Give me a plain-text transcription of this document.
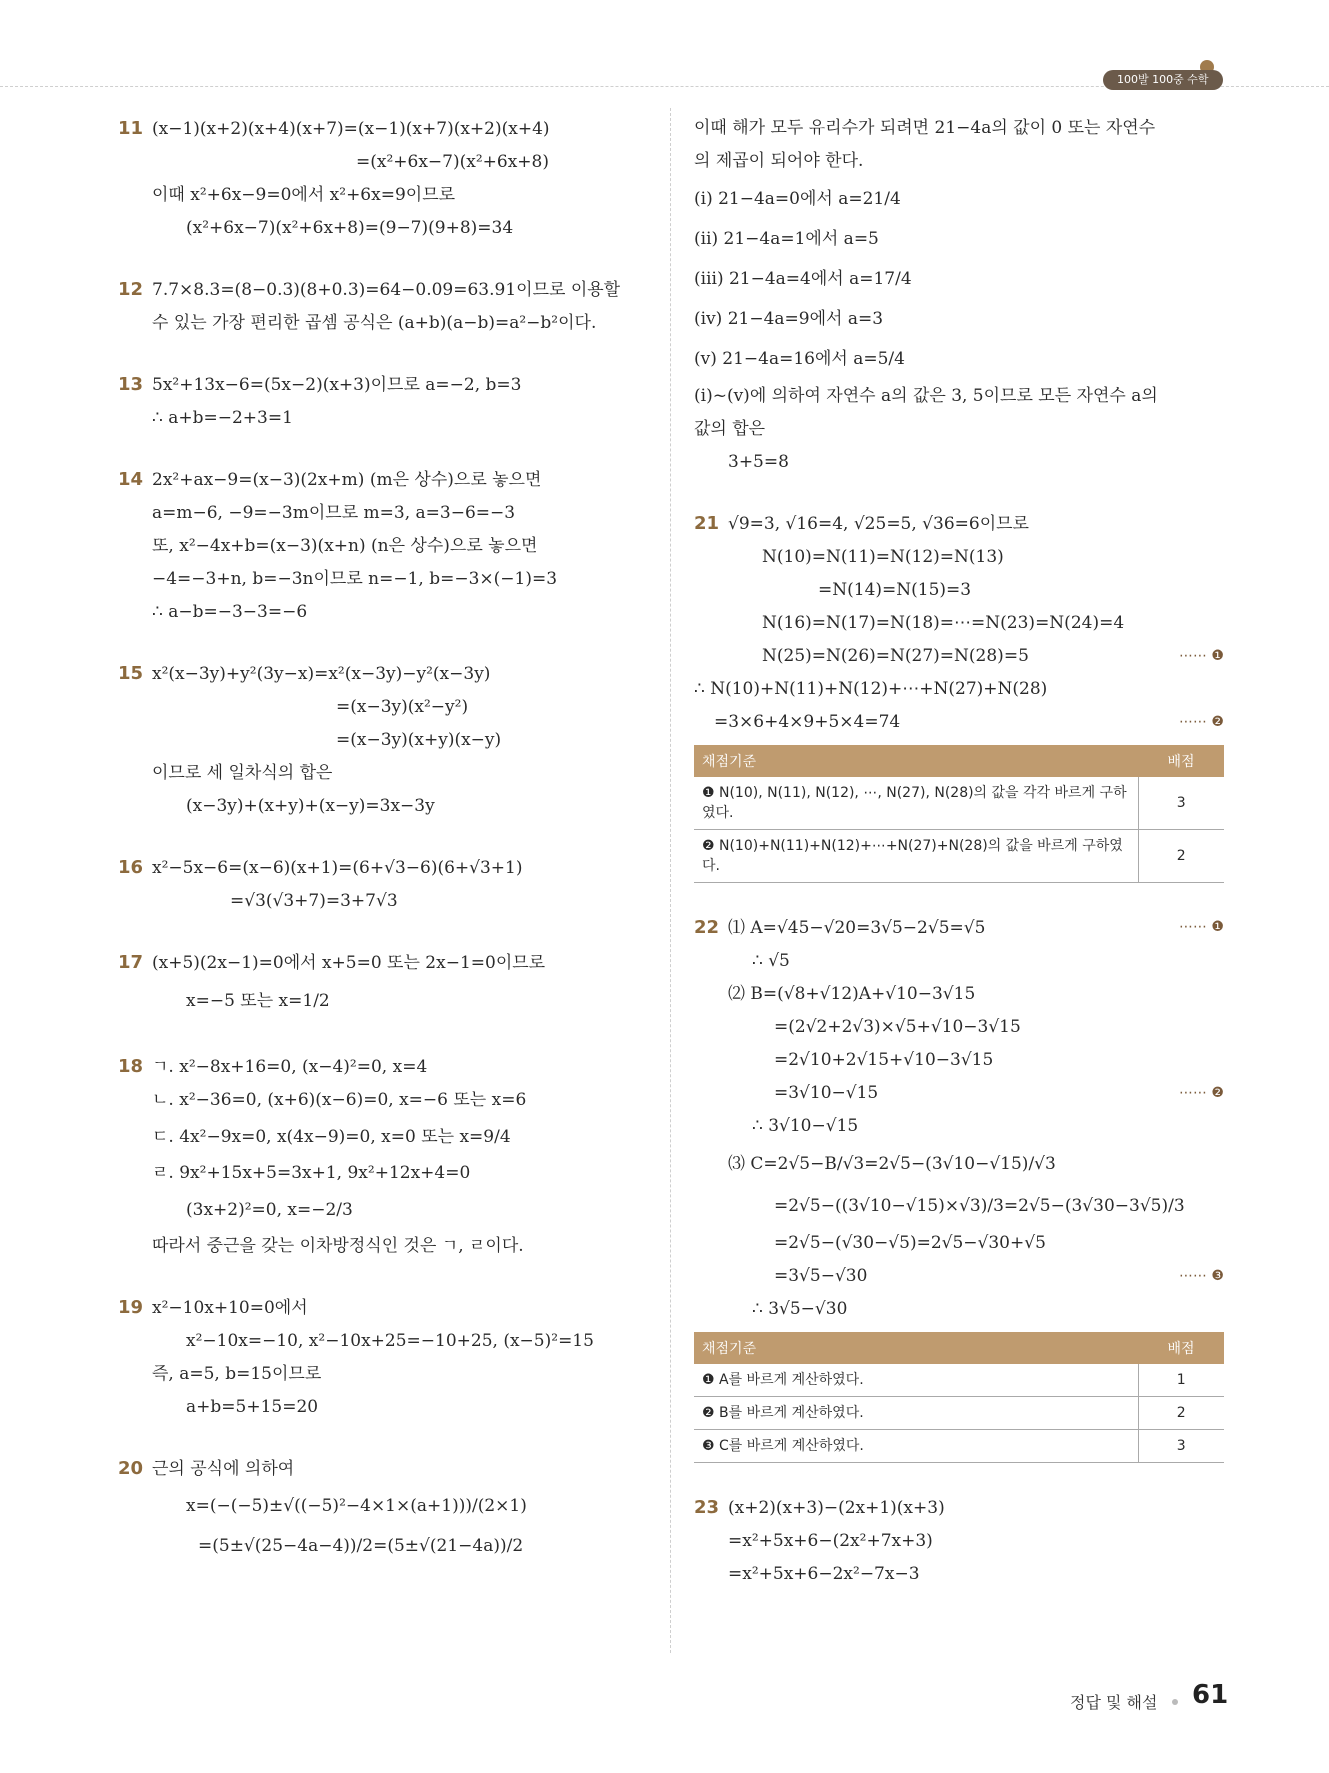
100발 100중 수학
11 (x−1)(x+2)(x+4)(x+7)=(x−1)(x+7)(x+2)(x+4)
=(x²+6x−7)(x²+6x+8)
이때 x²+6x−9=0에서 x²+6x=9이므로
(x²+6x−7)(x²+6x+8)=(9−7)(9+8)=34
12 7.7×8.3=(8−0.3)(8+0.3)=64−0.09=63.91이므로 이용할
수 있는 가장 편리한 곱셈 공식은 (a+b)(a−b)=a²−b²이다.
13 5x²+13x−6=(5x−2)(x+3)이므로 a=−2, b=3
∴ a+b=−2+3=1
14 2x²+ax−9=(x−3)(2x+m) (m은 상수)으로 놓으면
a=m−6, −9=−3m이므로 m=3, a=3−6=−3
또, x²−4x+b=(x−3)(x+n) (n은 상수)으로 놓으면
−4=−3+n, b=−3n이므로 n=−1, b=−3×(−1)=3
∴ a−b=−3−3=−6
15 x²(x−3y)+y²(3y−x)=x²(x−3y)−y²(x−3y)
=(x−3y)(x²−y²)
=(x−3y)(x+y)(x−y)
이므로 세 일차식의 합은
(x−3y)+(x+y)+(x−y)=3x−3y
16 x²−5x−6=(x−6)(x+1)=(6+√3−6)(6+√3+1)
=√3(√3+7)=3+7√3
17 (x+5)(2x−1)=0에서 x+5=0 또는 2x−1=0이므로
x=−5 또는 x=1/2
18 ㄱ. x²−8x+16=0, (x−4)²=0, x=4
ㄴ. x²−36=0, (x+6)(x−6)=0, x=−6 또는 x=6
ㄷ. 4x²−9x=0, x(4x−9)=0, x=0 또는 x=9/4
ㄹ. 9x²+15x+5=3x+1, 9x²+12x+4=0
(3x+2)²=0, x=−2/3
따라서 중근을 갖는 이차방정식인 것은 ㄱ, ㄹ이다.
19 x²−10x+10=0에서
x²−10x=−10, x²−10x+25=−10+25, (x−5)²=15
즉, a=5, b=15이므로
a+b=5+15=20
20 근의 공식에 의하여
x=(−(−5)±√((−5)²−4×1×(a+1)))/(2×1)
=(5±√(25−4a−4))/2=(5±√(21−4a))/2
이때 해가 모두 유리수가 되려면 21−4a의 값이 0 또는 자연수
의 제곱이 되어야 한다.
(ⅰ) 21−4a=0에서 a=21/4
(ⅱ) 21−4a=1에서 a=5
(ⅲ) 21−4a=4에서 a=17/4
(ⅳ) 21−4a=9에서 a=3
(ⅴ) 21−4a=16에서 a=5/4
(ⅰ)~(ⅴ)에 의하여 자연수 a의 값은 3, 5이므로 모든 자연수 a의
값의 합은
3+5=8
21 √9=3, √16=4, √25=5, √36=6이므로
N(10)=N(11)=N(12)=N(13)
=N(14)=N(15)=3
N(16)=N(17)=N(18)=⋯=N(23)=N(24)=4
N(25)=N(26)=N(27)=N(28)=5	⋯⋯ ❶
∴ N(10)+N(11)+N(12)+⋯+N(27)+N(28)
=3×6+4×9+5×4=74	⋯⋯ ❷
채점기준	배점
❶ N(10), N(11), N(12), ⋯, N(27), N(28)의 값을 각각 바르게 구하였다.	3
❷ N(10)+N(11)+N(12)+⋯+N(27)+N(28)의 값을 바르게 구하였다.	2
22 ⑴ A=√45−√20=3√5−2√5=√5	⋯⋯ ❶
∴ √5
⑵ B=(√8+√12)A+√10−3√15
=(2√2+2√3)×√5+√10−3√15
=2√10+2√15+√10−3√15
=3√10−√15	⋯⋯ ❷
∴ 3√10−√15
⑶ C=2√5−B/√3=2√5−(3√10−√15)/√3
=2√5−((3√10−√15)×√3)/3=2√5−(3√30−3√5)/3
=2√5−(√30−√5)=2√5−√30+√5
=3√5−√30	⋯⋯ ❸
∴ 3√5−√30
채점기준	배점
❶ A를 바르게 계산하였다.	1
❷ B를 바르게 계산하였다.	2
❸ C를 바르게 계산하였다.	3
23 (x+2)(x+3)−(2x+1)(x+3)
=x²+5x+6−(2x²+7x+3)
=x²+5x+6−2x²−7x−3
정답 및 해설 61
